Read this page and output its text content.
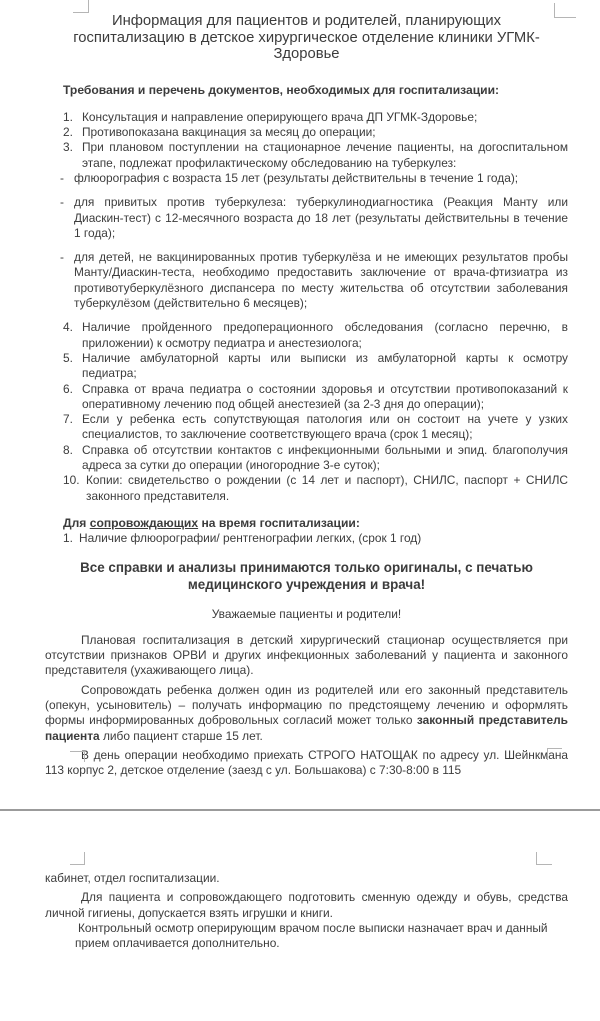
Информация для пациентов и родителей, планирующих госпитализацию в детское хирургическое отделение клиники УГМК-Здоровье
Требования и перечень документов, необходимых для госпитализации:
1. Консультация и направление оперирующего врача ДП УГМК-Здоровье;
2. Противопоказана вакцинация за месяц до операции;
3. При плановом поступлении на стационарное лечение пациенты, на догоспитальном этапе, подлежат профилактическому обследованию на туберкулез:
- флюорография с возраста 15 лет (результаты действительны в течение 1 года);
- для привитых против туберкулеза: туберкулинодиагностика (Реакция Манту или Диаскин-тест) с 12-месячного возраста до 18 лет (результаты действительны в течение 1 года);
- для детей, не вакцинированных против туберкулёза и не имеющих результатов пробы Манту/Диаскин-теста, необходимо предоставить заключение от врача-фтизиатра из противотуберкулёзного диспансера по месту жительства об отсутствии заболевания туберкулёзом (действительно 6 месяцев);
4. Наличие пройденного предоперационного обследования (согласно перечню, в приложении) к осмотру педиатра и анестезиолога;
5. Наличие амбулаторной карты или выписки из амбулаторной карты к осмотру педиатра;
6. Справка от врача педиатра о состоянии здоровья и отсутствии противопоказаний к оперативному лечению под общей анестезией (за 2-3 дня до операции);
7. Если у ребенка есть сопутствующая патология или он состоит на учете у узких специалистов, то заключение соответствующего врача (срок 1 месяц);
8. Справка об отсутствии контактов с инфекционными больными и эпид. благополучия адреса за сутки до операции (иногородние 3-е суток);
10. Копии: свидетельство о рождении (с 14 лет и паспорт), СНИЛС, паспорт + СНИЛС законного представителя.
Для сопровождающих на время госпитализации:
1. Наличие флюорографии/ рентгенографии легких, (срок 1 год)
Все справки и анализы принимаются только оригиналы, с печатью медицинского учреждения и врача!
Уважаемые пациенты и родители!
Плановая госпитализация в детский хирургический стационар осуществляется при отсутствии признаков ОРВИ и других инфекционных заболеваний у пациента и законного представителя (ухаживающего лица).
Сопровождать ребенка должен один из родителей или его законный представитель (опекун, усыновитель) – получать информацию по предстоящему лечению и оформлять формы информированных добровольных согласий может только законный представитель пациента либо пациент старше 15 лет.
В день операции необходимо приехать СТРОГО НАТОЩАК по адресу ул. Шейнкмана 113 корпус 2, детское отделение (заезд с ул. Большакова) с 7:30-8:00 в 115
кабинет, отдел госпитализации.
Для пациента и сопровождающего подготовить сменную одежду и обувь, средства личной гигиены, допускается взять игрушки и книги.
Контрольный осмотр оперирующим врачом после выписки назначает врач и данный прием оплачивается дополнительно.
